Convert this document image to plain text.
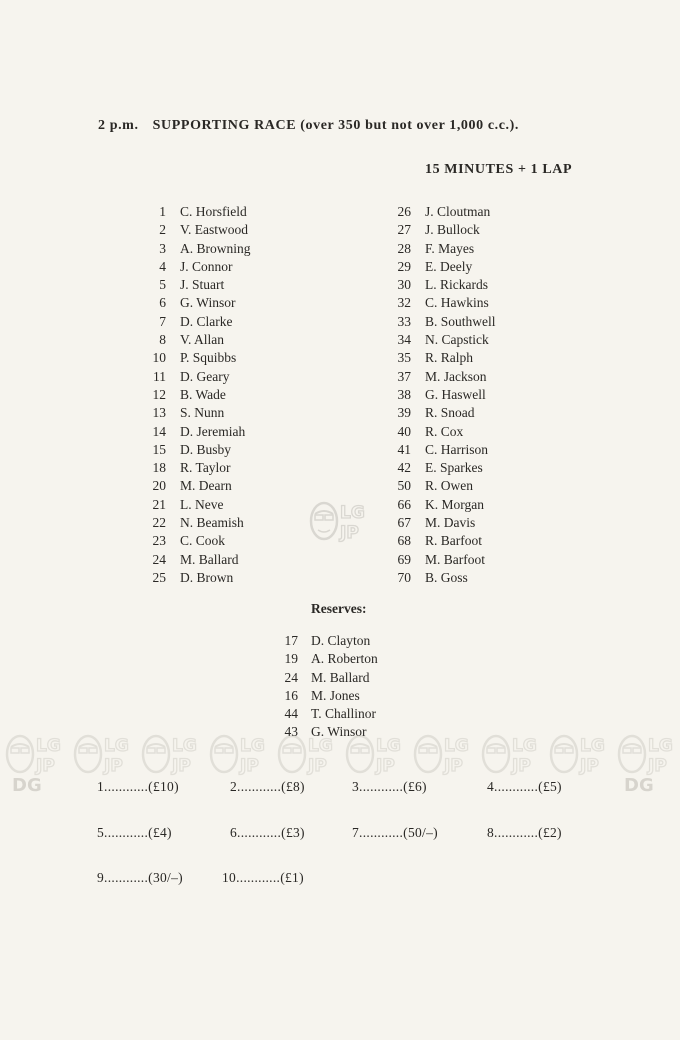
2 p.m. SUPPORTING RACE (over 350 but not over 1,000 c.c.).
15 MINUTES + 1 LAP
1 C. Horsfield
2 V. Eastwood
3 A. Browning
4 J. Connor
5 J. Stuart
6 G. Winsor
7 D. Clarke
8 V. Allan
10 P. Squibbs
11 D. Geary
12 B. Wade
13 S. Nunn
14 D. Jeremiah
15 D. Busby
18 R. Taylor
20 M. Dearn
21 L. Neve
22 N. Beamish
23 C. Cook
24 M. Ballard
25 D. Brown
26 J. Cloutman
27 J. Bullock
28 F. Mayes
29 E. Deely
30 L. Rickards
32 C. Hawkins
33 B. Southwell
34 N. Capstick
35 R. Ralph
37 M. Jackson
38 G. Haswell
39 R. Snoad
40 R. Cox
41 C. Harrison
42 E. Sparkes
50 R. Owen
66 K. Morgan
67 M. Davis
68 R. Barfoot
69 M. Barfoot
70 B. Goss
Reserves:
17 D. Clayton
19 A. Roberton
24 M. Ballard
16 M. Jones
44 T. Challinor
43 G. Winsor
1............(£10)	2............(£8)	3............(£6)	4............(£5)
5............(£4)	6............(£3)	7............(50/–)	8............(£2)
9............(30/–)	10............(£1)
LG
JP
LG
JP
DG
LG
JP
LG
JP
LG
JP
LG
JP
LG
JP
LG
JP
LG
JP
LG
JP
LG
JP
DG
